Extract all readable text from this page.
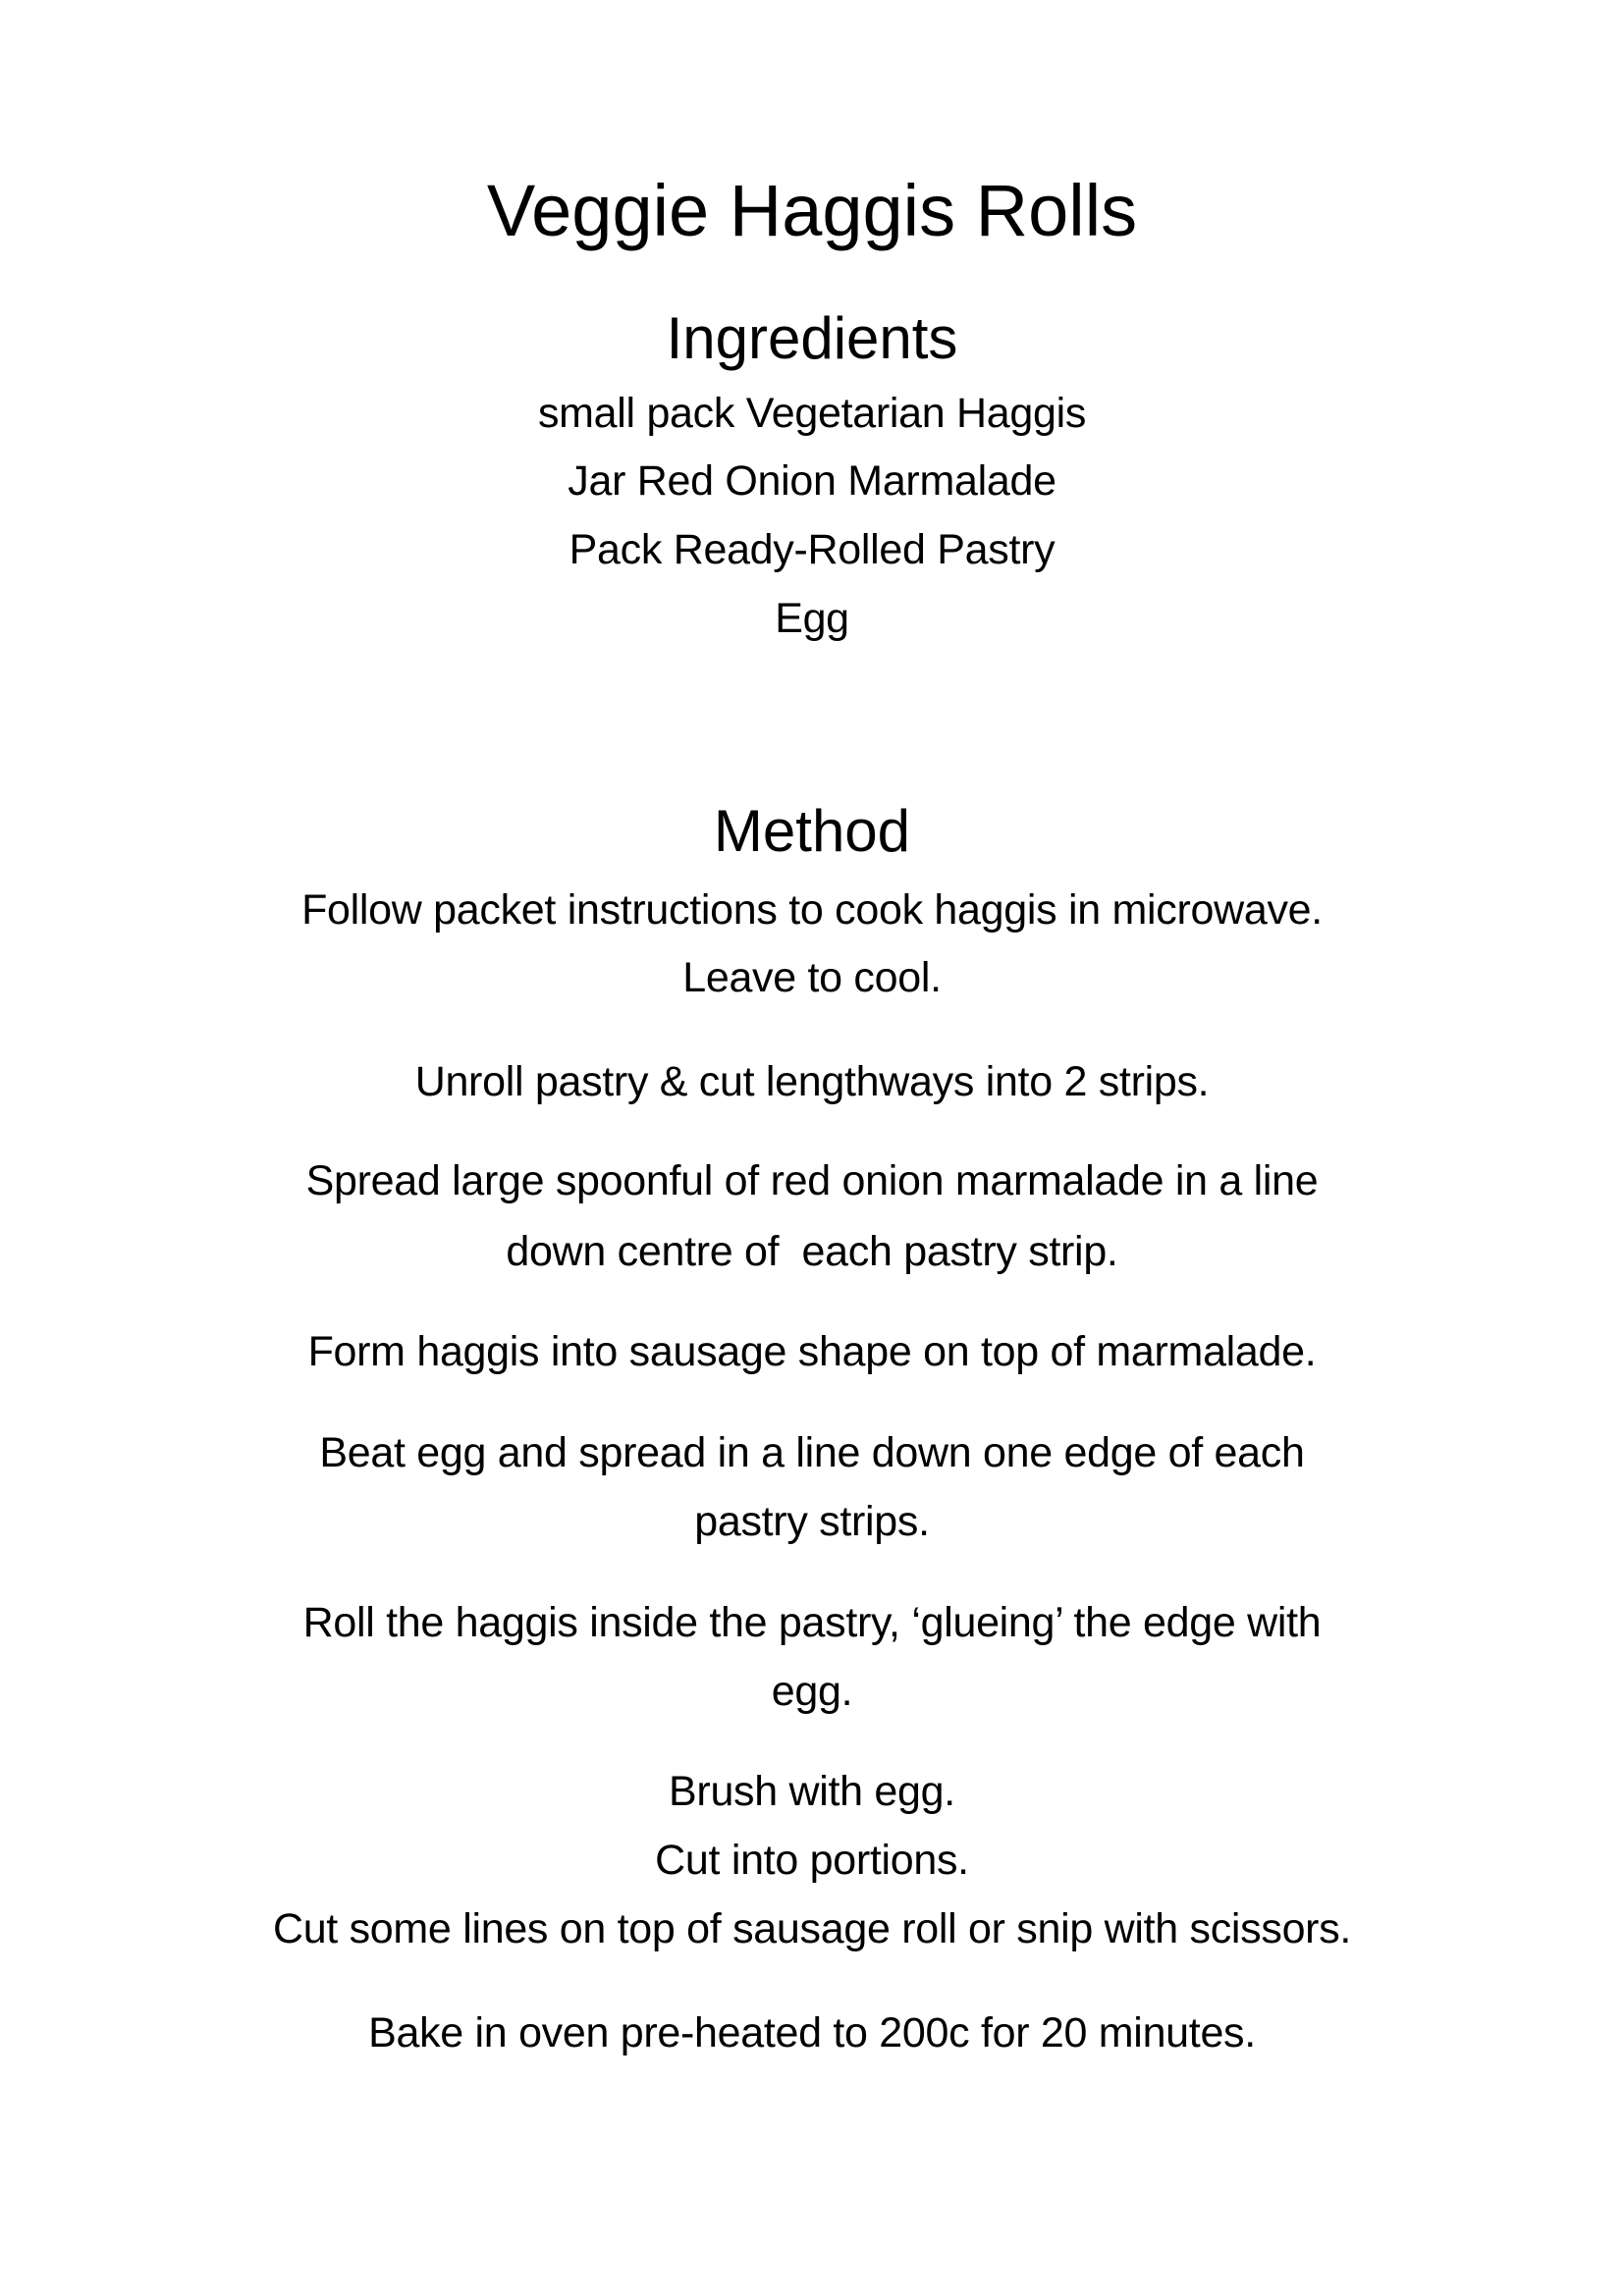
Veggie Haggis Rolls
Ingredients
small pack Vegetarian Haggis
Jar Red Onion Marmalade
Pack Ready-Rolled Pastry
Egg
Method
Follow packet instructions to cook haggis in microwave.
Leave to cool.
Unroll pastry & cut lengthways into 2 strips.
Spread large spoonful of red onion marmalade in a line
down centre of  each pastry strip.
Form haggis into sausage shape on top of marmalade.
Beat egg and spread in a line down one edge of each
pastry strips.
Roll the haggis inside the pastry, ‘glueing’ the edge with
egg.
Brush with egg.
Cut into portions.
Cut some lines on top of sausage roll or snip with scissors.
Bake in oven pre-heated to 200c for 20 minutes.
